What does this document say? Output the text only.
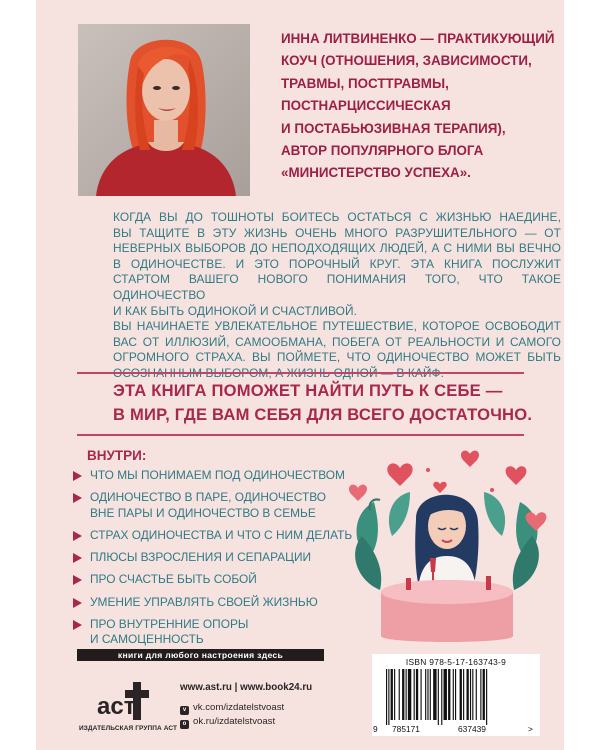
ИННА ЛИТВИНЕНКО — ПРАКТИКУЮЩИЙ
КОУЧ (ОТНОШЕНИЯ, ЗАВИСИМОСТИ,
ТРАВМЫ, ПОСТТРАВМЫ,
ПОСТНАРЦИССИЧЕСКАЯ
И ПОСТАБЬЮЗИВНАЯ ТЕРАПИЯ),
АВТОР ПОПУЛЯРНОГО БЛОГА
«МИНИСТЕРСТВО УСПЕХА».

КОГДА ВЫ ДО ТОШНОТЫ БОИТЕСЬ ОСТАТЬСЯ С ЖИЗНЬЮ НАЕДИНЕ,

ВЫ ТАЩИТЕ В ЭТУ ЖИЗНЬ ОЧЕНЬ МНОГО РАЗРУШИТЕЛЬНОГО — ОТ

НЕВЕРНЫХ ВЫБОРОВ ДО НЕПОДХОДЯЩИХ ЛЮДЕЙ, А С НИМИ ВЫ ВЕЧНО

В ОДИНОЧЕСТВЕ. И ЭТО ПОРОЧНЫЙ КРУГ. ЭТА КНИГА ПОСЛУЖИТ

СТАРТОМ ВАШЕГО НОВОГО ПОНИМАНИЯ ТОГО, ЧТО ТАКОЕ ОДИНОЧЕСТВО

И КАК БЫТЬ ОДИНОКОЙ И СЧАСТЛИВОЙ.

ВЫ НАЧИНАЕТЕ УВЛЕКАТЕЛЬНОЕ ПУТЕШЕСТВИЕ, КОТОРОЕ ОСВОБОДИТ

ВАС ОТ ИЛЛЮЗИЙ, САМООБМАНА, ПОБЕГА ОТ РЕАЛЬНОСТИ И САМОГО

ОГРОМНОГО СТРАХА. ВЫ ПОЙМЕТЕ, ЧТО ОДИНОЧЕСТВО МОЖЕТ БЫТЬ

ЭТА КНИГА ПОМОЖЕТ НАЙТИ ПУТЬ К СЕБЕ —
В МИР, ГДЕ ВАМ СЕБЯ ДЛЯ ВСЕГО ДОСТАТОЧНО.
ВНУТРИ:
ЧТО МЫ ПОНИМАЕМ ПОД ОДИНОЧЕСТВОМ
ОДИНОЧЕСТВО В ПАРЕ, ОДИНОЧЕСТВО
ВНЕ ПАРЫ И ОДИНОЧЕСТВО В СЕМЬЕ
СТРАХ ОДИНОЧЕСТВА И ЧТО С НИМ ДЕЛАТЬ
ПЛЮСЫ ВЗРОСЛЕНИЯ И СЕПАРАЦИИ
ПРО СЧАСТЬЕ БЫТЬ СОБОЙ
УМЕНИЕ УПРАВЛЯТЬ СВОЕЙ ЖИЗНЬЮ
ПРО ВНУТРЕННИЕ ОПОРЫ
И САМОЦЕННОСТЬ
книги для любого настроения здесь
аст
ИЗДАТЕЛЬСКАЯ ГРУППА АСТ
www.ast.ru | www.book24.ru
v vk.com/izdatelstvoast
o ok.ru/izdatelstvoast
ISBN 978-5-17-163743-9
9 785171	637439	>
